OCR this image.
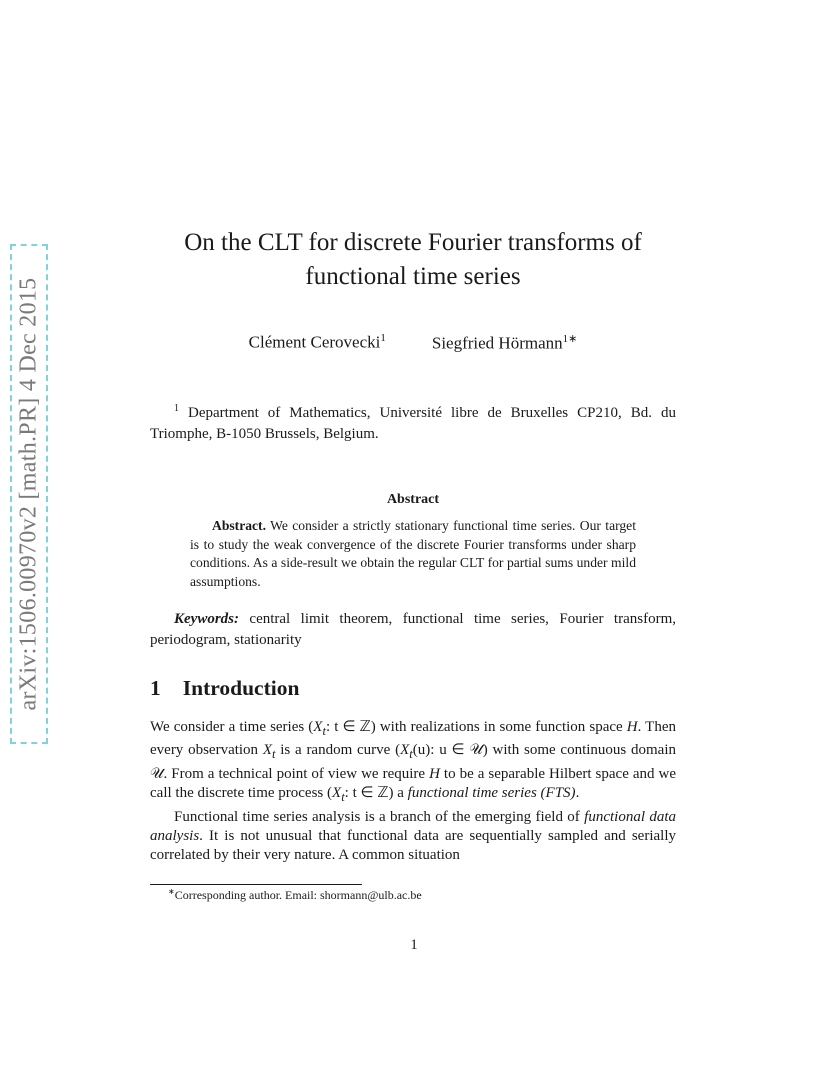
arXiv:1506.00970v2 [math.PR] 4 Dec 2015
On the CLT for discrete Fourier transforms of functional time series
Clément Cerovecki$^1$	Siegfried Hörmann$^{1∗}$
$^1$ Department of Mathematics, Université libre de Bruxelles CP210, Bd. du Triomphe, B-1050 Brussels, Belgium.
Abstract
Abstract. We consider a strictly stationary functional time series. Our target is to study the weak convergence of the discrete Fourier transforms under sharp conditions. As a side-result we obtain the regular CLT for partial sums under mild assumptions.
Keywords: central limit theorem, functional time series, Fourier transform, periodogram, stationarity
1 Introduction

We consider a time series ($X_t$: t ∈ ℤ) with realizations in some function space H. Then every observation $X_t$ is a random curve ($X_t(u)$: u ∈ 𝒰) with some continuous domain 𝒰. From a technical point of view we require H to be a separable Hilbert space and we call the discrete time process ($X_t$: t ∈ ℤ) a functional time series (FTS).

Functional time series analysis is a branch of the emerging field of functional data analysis. It is not unusual that functional data are sequentially sampled and serially correlated by their very nature. A common situation

∗Corresponding author. Email: shormann@ulb.ac.be
1
